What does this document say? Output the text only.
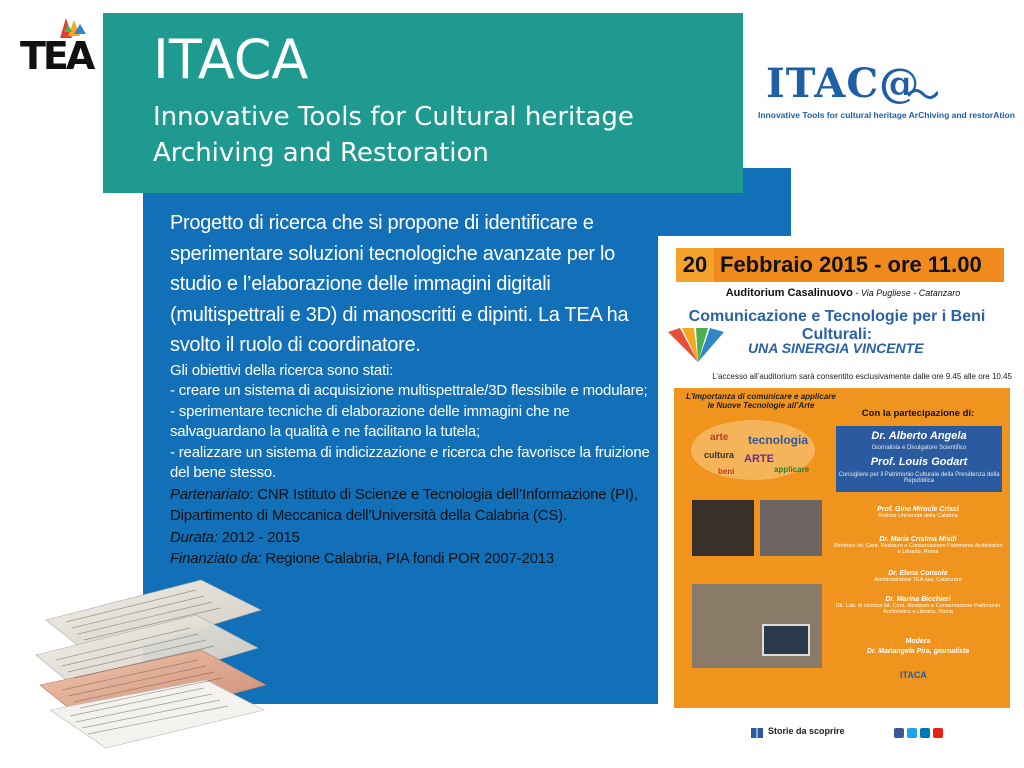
TEA ITACA
Innovative Tools for Cultural heritage
Archiving and Restoration

Progetto di ricerca che si propone di identificare e sperimentare soluzioni tecnologiche avanzate per lo studio e l’elaborazione delle immagini digitali (multispettrali e 3D) di manoscritti e dipinti. La TEA ha svolto il ruolo di coordinatore.

Gli obiettivi della ricerca sono stati:
- creare un sistema di acquisizione multispettrale/3D flessibile e modulare;
- sperimentare tecniche di elaborazione delle immagini che ne salvaguardano la qualità e ne facilitano la tutela;
- realizzare un sistema di indicizzazione e ricerca che favorisce la fruizione del bene stesso.

Partenariato: CNR Istituto di Scienze e Tecnologia dell’Informazione (PI), Dipartimento di Meccanica dell’Università della Calabria (CS).
Durata: 2012 - 2015
Finanziato da: Regione Calabria, PIA fondi POR 2007-2013

ITAC@
Innovative Tools for cultural heritage ArChiving and restorAtion
20 Febbraio 2015 - ore 11.00
Auditorium Casalinuovo - Via Pugliese - Catanzaro
Comunicazione e Tecnologie per i Beni Culturali:
UNA SINERGIA VINCENTE
L’accesso all’auditorium sarà consentito esclusivamente dalle ore 9.45 alle ore 10.45
L’Importanza di comunicare e applicare le Nuove Tecnologie all’Arte
arte tecnologia
cultura ARTE
applicare
beni
Con la partecipazione di:
Dr. Alberto Angela
Giornalista e Divulgatore Scientifico
Prof. Louis Godart
Consigliere per il Patrimonio Culturale della Presidenza della Repubblica
Prof. Gino Mirocle Crisci
Rettore Università della Calabria
Dr. Maria Cristina Misiti
Direttrice Ist. Cent. Restauro e Conservazione Patrimonio Archivistico e Librario, Roma
Dr. Elena Console
Amministratore TEA sas, Catanzaro
Dr. Marina Bicchieri
Dir. Lab. di chimica Ist. Cent. Restauro e Conservazione Patrimonio Archivistico e Librario, Roma
Modera
Dr. Mariangela Pira, giornalista
ITACA
Storie da scoprire
